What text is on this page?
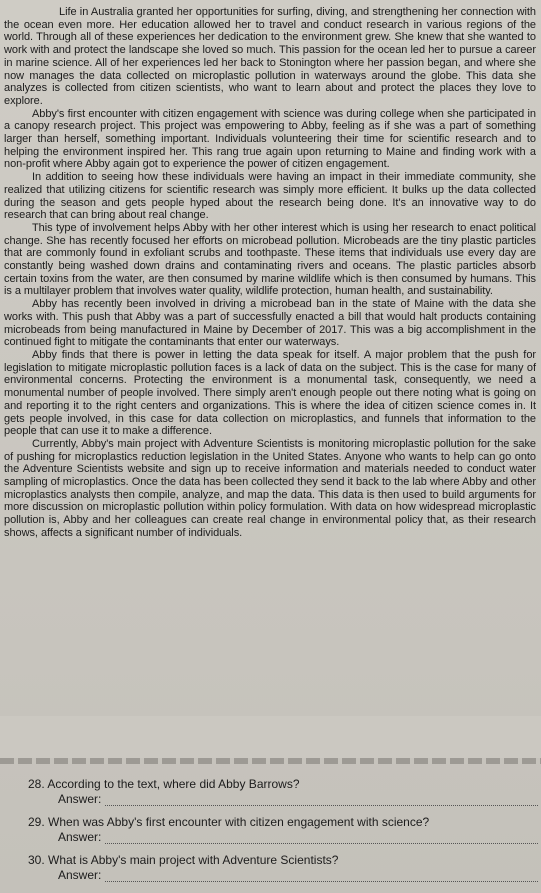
Life in Australia granted her opportunities for surfing, diving, and strengthening her connection with the ocean even more. Her education allowed her to travel and conduct research in various regions of the world. Through all of these experiences her dedication to the environment grew. She knew that she wanted to work with and protect the landscape she loved so much. This passion for the ocean led her to pursue a career in marine science. All of her experiences led her back to Stonington where her passion began, and where she now manages the data collected on microplastic pollution in waterways around the globe. This data she analyzes is collected from citizen scientists, who want to learn about and protect the places they love to explore.

Abby's first encounter with citizen engagement with science was during college when she participated in a canopy research project. This project was empowering to Abby, feeling as if she was a part of something larger than herself, something important. Individuals volunteering their time for scientific research and to helping the environment inspired her. This rang true again upon returning to Maine and finding work with a non-profit where Abby again got to experience the power of citizen engagement.

In addition to seeing how these individuals were having an impact in their immediate community, she realized that utilizing citizens for scientific research was simply more efficient. It bulks up the data collected during the season and gets people hyped about the research being done. It's an innovative way to do research that can bring about real change.

This type of involvement helps Abby with her other interest which is using her research to enact political change. She has recently focused her efforts on microbead pollution. Microbeads are the tiny plastic particles that are commonly found in exfoliant scrubs and toothpaste. These items that individuals use every day are constantly being washed down drains and contaminating rivers and oceans. The plastic particles absorb certain toxins from the water, are then consumed by marine wildlife which is then consumed by humans. This is a multilayer problem that involves water quality, wildlife protection, human health, and sustainability.

Abby has recently been involved in driving a microbead ban in the state of Maine with the data she works with. This push that Abby was a part of successfully enacted a bill that would halt products containing microbeads from being manufactured in Maine by December of 2017. This was a big accomplishment in the continued fight to mitigate the contaminants that enter our waterways.

Abby finds that there is power in letting the data speak for itself. A major problem that the push for legislation to mitigate microplastic pollution faces is a lack of data on the subject. This is the case for many of environmental concerns. Protecting the environment is a monumental task, consequently, we need a monumental number of people involved. There simply aren't enough people out there noting what is going on and reporting it to the right centers and organizations. This is where the idea of citizen science comes in. It gets people involved, in this case for data collection on microplastics, and funnels that information to the people that can use it to make a difference.

Currently, Abby's main project with Adventure Scientists is monitoring microplastic pollution for the sake of pushing for microplastics reduction legislation in the United States. Anyone who wants to help can go onto the Adventure Scientists website and sign up to receive information and materials needed to conduct water sampling of microplastics. Once the data has been collected they send it back to the lab where Abby and other microplastics analysts then compile, analyze, and map the data. This data is then used to build arguments for more discussion on microplastic pollution within policy formulation. With data on how widespread microplastic pollution is, Abby and her colleagues can create real change in environmental policy that, as their research shows, affects a significant number of individuals.

28. According to the text, where did Abby Barrows?

Answer:

29. When was Abby's first encounter with citizen engagement with science?

Answer:

30. What is Abby's main project with Adventure Scientists?

Answer:
